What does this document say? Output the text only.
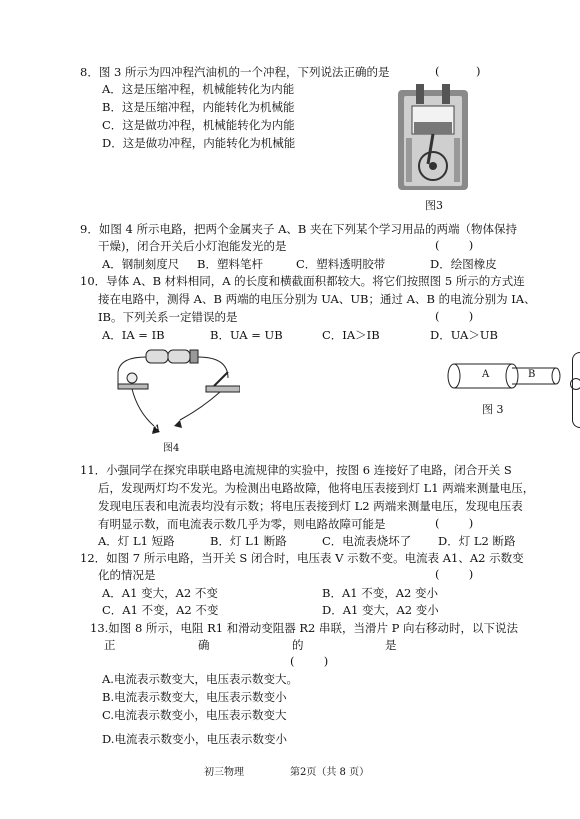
8．图 3 所示为四冲程汽油机的一个冲程，下列说法正确的是	(          )
A．这是压缩冲程，机械能转化为内能
B．这是压缩冲程，内能转化为机械能
C．这是做功冲程，机械能转化为内能
D．这是做功冲程，内能转化为机械能
图3
9．如图 4 所示电路，把两个金属夹子 A、B 夹在下列某个学习用品的两端（物体保持
干燥)，闭合开关后小灯泡能发光的是	(        )
A．钢制刻度尺 B．塑料笔杆	C．塑料透明胶带	D．绘图橡皮
10．导体 A、B 材料相同，A 的长度和横截面积都较大。将它们按照图 5 所示的方式连
接在电路中，测得 A、B 两端的电压分别为 UA、UB；通过 A、B 的电流分别为 IA、
IB。下列关系一定错误的是	(        )
A．IA = IB	B．UA = UB	C．IA＞IB	D．UA＞UB
A
图4
A	B
图 3
11．小强同学在探究串联电路电流规律的实验中，按图 6 连接好了电路，闭合开关 S
后，发现两灯均不发光。为检测出电路故障，他将电压表接到灯 L1 两端来测量电压，
发现电压表和电流表均没有示数；将电压表接到灯 L2 两端来测量电压，发现电压表
有明显示数，而电流表示数几乎为零，则电路故障可能是	(        )
A．灯 L1 短路	B．灯 L1 断路	C．电流表烧坏了 D．灯 L2 断路
12．如图 7 所示电路，当开关 S 闭合时，电压表 V 示数不变。电流表 A1、A2 示数变
化的情况是	(        )
A．A1 变大，A2 不变	B．A1 不变，A2 变小
C．A1 不变，A2 不变	D．A1 变大，A2 变小
13.如图 8 所示，电阻 R1 和滑动变阻器 R2 串联，当滑片 P 向右移动时，以下说法
正	确	的	是
(        )
A.电流表示数变大，电压表示数变大。
B.电流表示数变大，电压表示数变小
C.电流表示数变小，电压表示数变大
D.电流表示数变小，电压表示数变小
初三物理	第2页（共 8 页）
